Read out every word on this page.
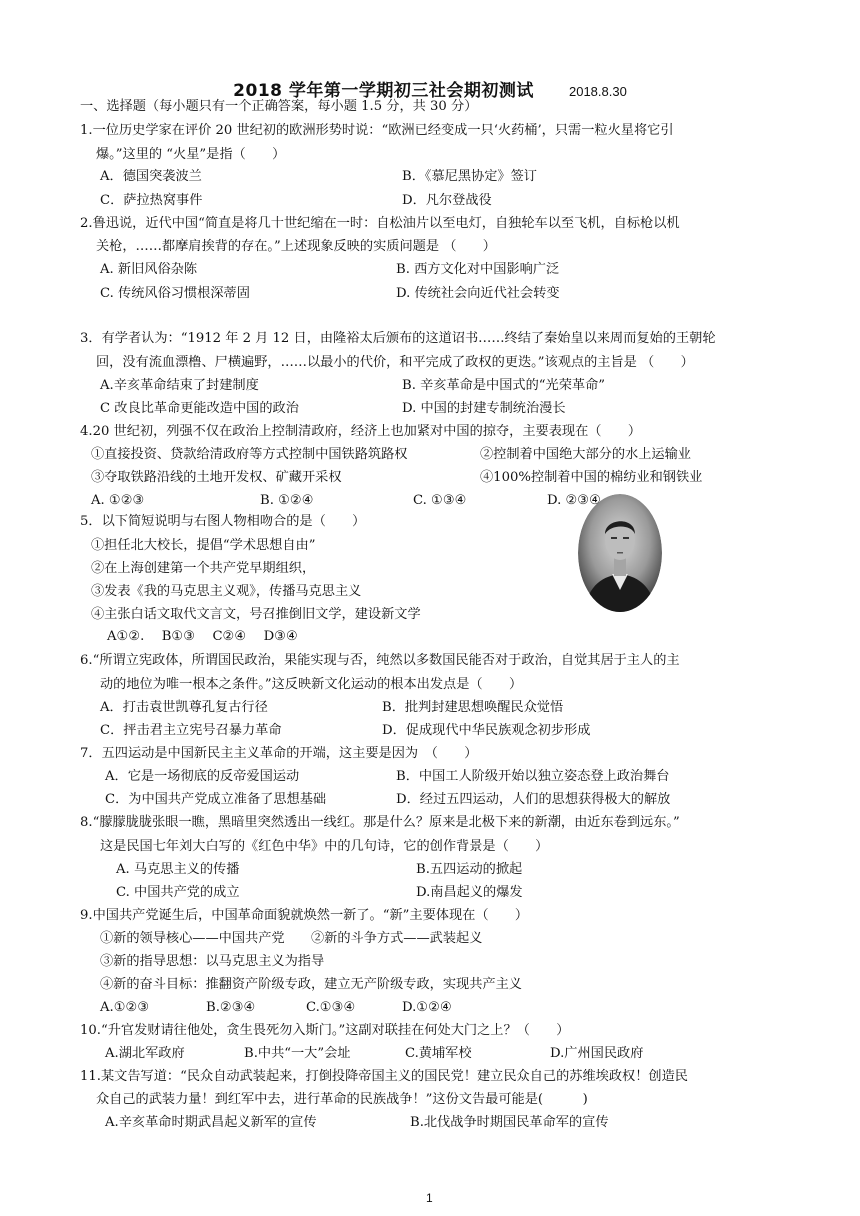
2018 学年第一学期初三社会期初测试	2018.8.30
一、选择题（每小题只有一个正确答案，每小题 1.5 分，共 30 分）
1.一位历史学家在评价 20 世纪初的欧洲形势时说：“欧洲已经变成一只‘火药桶’，只需一粒火星将它引
爆。”这里的 “火星”是指（　　）
A．德国突袭波兰	B．《慕尼黑协定》签订
C．萨拉热窝事件	D．凡尔登战役
2.鲁迅说，近代中国“简直是将几十世纪缩在一时：自松油片以至电灯，自独轮车以至飞机，自标枪以机
关枪，……都摩肩挨背的存在。”上述现象反映的实质问题是 （　　）
A. 新旧风俗杂陈	B. 西方文化对中国影响广泛
C. 传统风俗习惯根深蒂固	D. 传统社会向近代社会转变
3．有学者认为：“1912 年 2 月 12 日，由隆裕太后颁布的这道诏书……终结了秦始皇以来周而复始的王朝轮
回，没有流血漂橹、尸横遍野，……以最小的代价，和平完成了政权的更迭。”该观点的主旨是 （　　）
A.辛亥革命结束了封建制度	B. 辛亥革命是中国式的“光荣革命”
C 改良比革命更能改造中国的政治	D. 中国的封建专制统治漫长
4.20 世纪初，列强不仅在政治上控制清政府，经济上也加紧对中国的掠夺，主要表现在（　　）
①直接投资、贷款给清政府等方式控制中国铁路筑路权	②控制着中国绝大部分的水上运输业
③夺取铁路沿线的土地开发权、矿藏开采权	④100%控制着中国的棉纺业和钢铁业
A. ①②③	B. ①②④	C. ①③④	D. ②③④
5．以下简短说明与右图人物相吻合的是（　　）
①担任北大校长，提倡“学术思想自由”
②在上海创建第一个共产党早期组织，
③发表《我的马克思主义观》，传播马克思主义
④主张白话文取代文言文，号召推倒旧文学，建设新文学
A①②.　 B①③　 C②④　 D③④
6.“所谓立宪政体，所谓国民政治，果能实现与否，纯然以多数国民能否对于政治，自觉其居于主人的主
动的地位为唯一根本之条件。”这反映新文化运动的根本出发点是（　　）
A．打击袁世凯尊孔复古行径	B．批判封建思想唤醒民众觉悟
C．抨击君主立宪号召暴力革命	D．促成现代中华民族观念初步形成
7．五四运动是中国新民主主义革命的开端，这主要是因为　（　　）
A．它是一场彻底的反帝爱国运动	B．中国工人阶级开始以独立姿态登上政治舞台
C．为中国共产党成立准备了思想基础	D．经过五四运动，人们的思想获得极大的解放
8.“朦朦胧胧张眼一瞧，黑暗里突然透出一线红。那是什么？原来是北极下来的新潮，由近东卷到远东。”
这是民国七年刘大白写的《红色中华》中的几句诗，它的创作背景是（　　）
A. 马克思主义的传播	B.五四运动的掀起
C. 中国共产党的成立	D.南昌起义的爆发
9.中国共产党诞生后，中国革命面貌就焕然一新了。“新”主要体现在（　　）
①新的领导核心——中国共产党　　②新的斗争方式——武装起义
③新的指导思想：以马克思主义为指导
④新的奋斗目标：推翻资产阶级专政，建立无产阶级专政，实现共产主义
A.①②③	B.②③④	C.①③④	D.①②④
10.“升官发财请往他处，贪生畏死勿入斯门。”这副对联挂在何处大门之上？（　　）
A.湖北军政府	B.中共“一大”会址	C.黄埔军校	D.广州国民政府
11.某文告写道：“民众自动武装起来，打倒投降帝国主义的国民党！建立民众自己的苏维埃政权！创造民
众自己的武装力量！到红军中去，进行革命的民族战争！”这份文告最可能是(　　　)
A.辛亥革命时期武昌起义新军的宣传	B.北伐战争时期国民革命军的宣传
1
